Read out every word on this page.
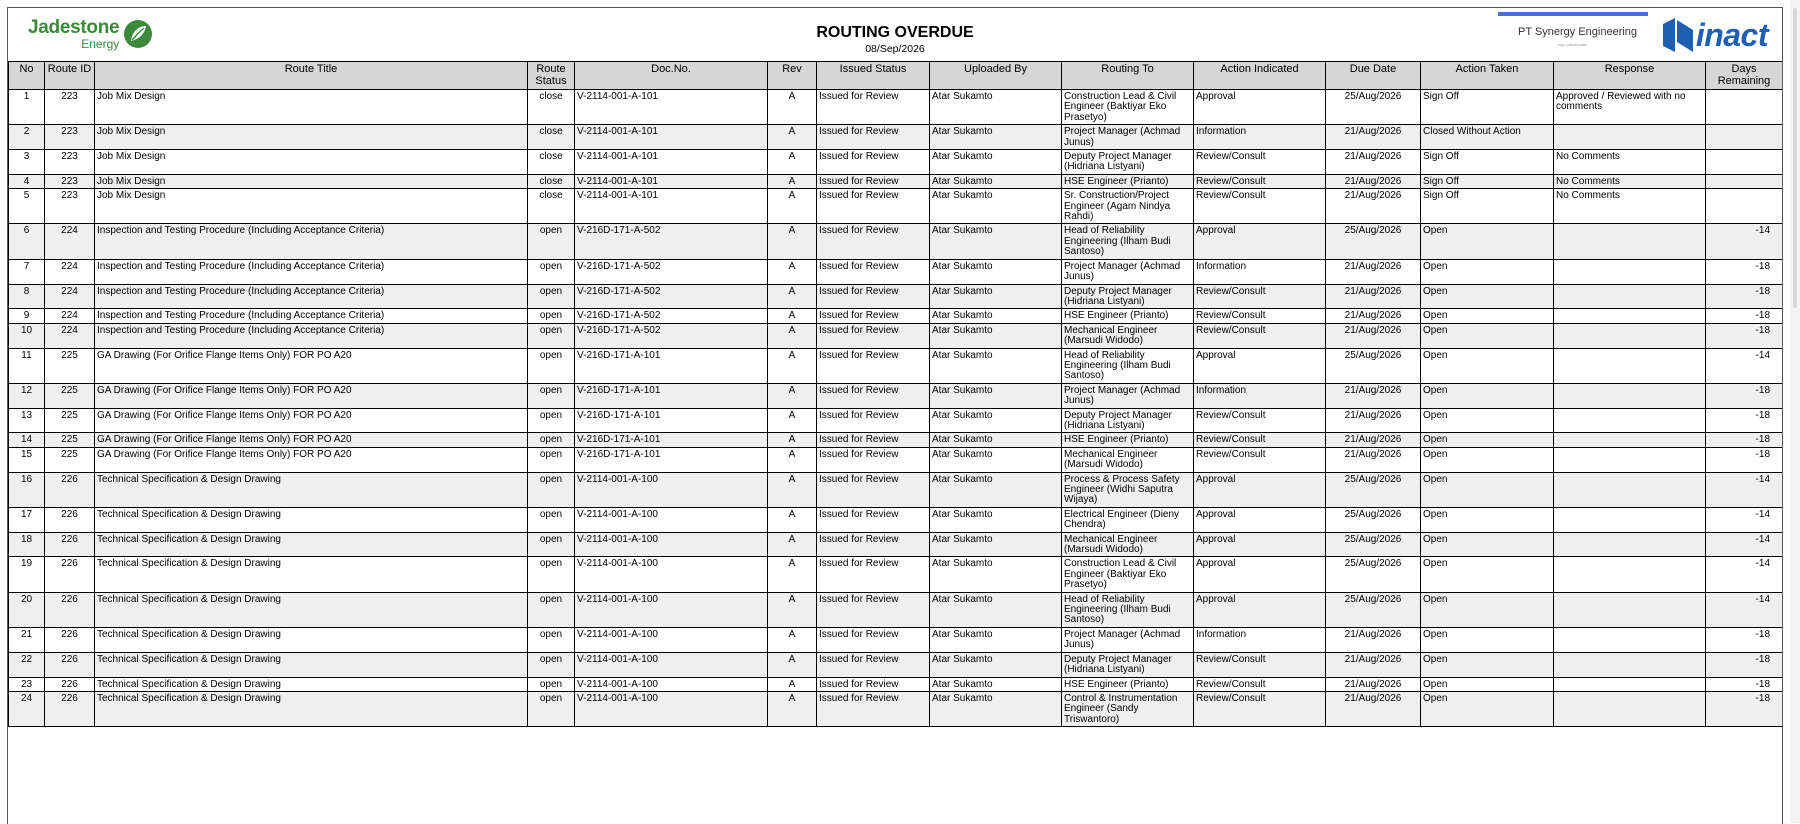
Jadestone
Energy
ROUTING OVERDUE
08/Sep/2026
PT Synergy Engineering
logo placeholder	inact
No	Route ID	Route Title	Route Status	Doc.No.	Rev	Issued Status	Uploaded By	Routing To	Action Indicated	Due Date	Action Taken	Response	Days Remaining
1	223	Job Mix Design	close	V-2114-001-A-101	A	Issued for Review	Atar Sukamto	Construction Lead & Civil Engineer (Baktiyar Eko Prasetyo)	Approval	25/Aug/2026	Sign Off	Approved / Reviewed with no comments	
2	223	Job Mix Design	close	V-2114-001-A-101	A	Issued for Review	Atar Sukamto	Project Manager (Achmad Junus)	Information	21/Aug/2026	Closed Without Action		
3	223	Job Mix Design	close	V-2114-001-A-101	A	Issued for Review	Atar Sukamto	Deputy Project Manager (Hidriana Listyani)	Review/Consult	21/Aug/2026	Sign Off	No Comments	
4	223	Job Mix Design	close	V-2114-001-A-101	A	Issued for Review	Atar Sukamto	HSE Engineer (Prianto)	Review/Consult	21/Aug/2026	Sign Off	No Comments	
5	223	Job Mix Design	close	V-2114-001-A-101	A	Issued for Review	Atar Sukamto	Sr. Construction/Project Engineer (Agam Nindya Rahdi)	Review/Consult	21/Aug/2026	Sign Off	No Comments	
6	224	Inspection and Testing Procedure (Including Acceptance Criteria)	open	V-216D-171-A-502	A	Issued for Review	Atar Sukamto	Head of Reliability Engineering (Ilham Budi Santoso)	Approval	25/Aug/2026	Open		-14
7	224	Inspection and Testing Procedure (Including Acceptance Criteria)	open	V-216D-171-A-502	A	Issued for Review	Atar Sukamto	Project Manager (Achmad Junus)	Information	21/Aug/2026	Open		-18
8	224	Inspection and Testing Procedure (Including Acceptance Criteria)	open	V-216D-171-A-502	A	Issued for Review	Atar Sukamto	Deputy Project Manager (Hidriana Listyani)	Review/Consult	21/Aug/2026	Open		-18
9	224	Inspection and Testing Procedure (Including Acceptance Criteria)	open	V-216D-171-A-502	A	Issued for Review	Atar Sukamto	HSE Engineer (Prianto)	Review/Consult	21/Aug/2026	Open		-18
10	224	Inspection and Testing Procedure (Including Acceptance Criteria)	open	V-216D-171-A-502	A	Issued for Review	Atar Sukamto	Mechanical Engineer (Marsudi Widodo)	Review/Consult	21/Aug/2026	Open		-18
11	225	GA Drawing (For Orifice Flange Items Only) FOR PO A20	open	V-216D-171-A-101	A	Issued for Review	Atar Sukamto	Head of Reliability Engineering (Ilham Budi Santoso)	Approval	25/Aug/2026	Open		-14
12	225	GA Drawing (For Orifice Flange Items Only) FOR PO A20	open	V-216D-171-A-101	A	Issued for Review	Atar Sukamto	Project Manager (Achmad Junus)	Information	21/Aug/2026	Open		-18
13	225	GA Drawing (For Orifice Flange Items Only) FOR PO A20	open	V-216D-171-A-101	A	Issued for Review	Atar Sukamto	Deputy Project Manager (Hidriana Listyani)	Review/Consult	21/Aug/2026	Open		-18
14	225	GA Drawing (For Orifice Flange Items Only) FOR PO A20	open	V-216D-171-A-101	A	Issued for Review	Atar Sukamto	HSE Engineer (Prianto)	Review/Consult	21/Aug/2026	Open		-18
15	225	GA Drawing (For Orifice Flange Items Only) FOR PO A20	open	V-216D-171-A-101	A	Issued for Review	Atar Sukamto	Mechanical Engineer (Marsudi Widodo)	Review/Consult	21/Aug/2026	Open		-18
16	226	Technical Specification & Design Drawing	open	V-2114-001-A-100	A	Issued for Review	Atar Sukamto	Process & Process Safety Engineer (Widhi Saputra Wijaya)	Approval	25/Aug/2026	Open		-14
17	226	Technical Specification & Design Drawing	open	V-2114-001-A-100	A	Issued for Review	Atar Sukamto	Electrical Engineer (Dieny Chendra)	Approval	25/Aug/2026	Open		-14
18	226	Technical Specification & Design Drawing	open	V-2114-001-A-100	A	Issued for Review	Atar Sukamto	Mechanical Engineer (Marsudi Widodo)	Approval	25/Aug/2026	Open		-14
19	226	Technical Specification & Design Drawing	open	V-2114-001-A-100	A	Issued for Review	Atar Sukamto	Construction Lead & Civil Engineer (Baktiyar Eko Prasetyo)	Approval	25/Aug/2026	Open		-14
20	226	Technical Specification & Design Drawing	open	V-2114-001-A-100	A	Issued for Review	Atar Sukamto	Head of Reliability Engineering (Ilham Budi Santoso)	Approval	25/Aug/2026	Open		-14
21	226	Technical Specification & Design Drawing	open	V-2114-001-A-100	A	Issued for Review	Atar Sukamto	Project Manager (Achmad Junus)	Information	21/Aug/2026	Open		-18
22	226	Technical Specification & Design Drawing	open	V-2114-001-A-100	A	Issued for Review	Atar Sukamto	Deputy Project Manager (Hidriana Listyani)	Review/Consult	21/Aug/2026	Open		-18
23	226	Technical Specification & Design Drawing	open	V-2114-001-A-100	A	Issued for Review	Atar Sukamto	HSE Engineer (Prianto)	Review/Consult	21/Aug/2026	Open		-18
24	226	Technical Specification & Design Drawing	open	V-2114-001-A-100	A	Issued for Review	Atar Sukamto	Control & Instrumentation Engineer (Sandy Triswantoro)	Review/Consult	21/Aug/2026	Open		-18
